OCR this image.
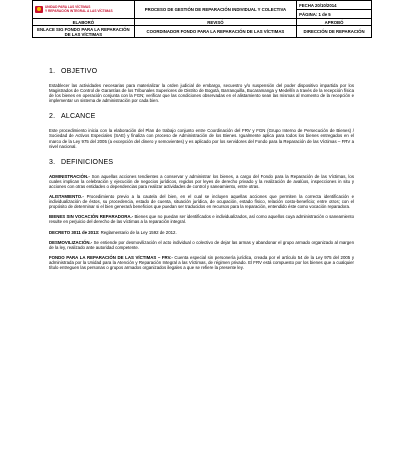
UNIDAD PARA LAS VÍCTIMAS
Y REPARACIÓN INTEGRAL A LAS VÍCTIMAS	PROCESO DE GESTIÓN DE REPARACIÓN INDIVIDUAL Y COLECTIVA	FECHA 20/10/2014
		PÁGINA: 1 de 5
ELABORÓ	REVISÓ	APROBÓ
ENLACE SIG FONDO PARA LA REPARACIÓN DE LAS VÍCTIMAS	COORDINADOR FONDO PARA LA REPARACIÓN DE LAS VÍCTIMAS	DIRECCIÓN DE REPARACIÓN
1. OBJETIVO

Establecer las actividades necesarias para materializar la orden judicial de embargo, secuestro y/o suspensión del poder dispositivo impartida por los Magistrados de Control de Garantías de los Tribunales Superiores de Distrito de Bogotá, Barranquilla, Bucaramanga y Medellín a través de la recepción física de los bienes en operación conjunta con la FGN; verificar que las condiciones observadas en el alistamiento sean las mismas al momento de la recepción e implementar un sistema de administración por cada bien.

2. ALCANCE

Este procedimiento inicia con la elaboración del Plan de trabajo conjunto entre Coordinación del FRV y FGN (Grupo Interno de Persecución de Bienes) / Sociedad de Activos Especiales (SAE) y finaliza con proceso de Administración de los Bienes. Igualmente aplica para todos los bienes entregados en el marco de la Ley 975 del 2005 (a excepción del dinero y semovientes) y es aplicado por los servidores del Fondo para la Reparación de las Víctimas – FRV a nivel nacional.

3. DEFINICIONES

ADMINISTRACIÓN.- Son aquellas acciones tendientes a conservar y administrar los bienes, a cargo del Fondo para la Reparación de las Víctimas, los cuales implican la celebración y ejecución de negocios jurídicos, regidos por leyes de derecho privado y la realización de avalúos, inspecciones in situ y acciones con otras entidades o dependencias para realizar actividades de control y saneamiento, entre otras.

ALISTAMIENTO.- Procedimiento previo a la cautela del bien, en el cual se incluyen aquellas acciones que permiten la correcta identificación e individualización de éstos, su procedencia, estado de cuenta, situación jurídica, de ocupación, estado físico, relación costo-beneficio; entre otros; con el propósito de determinar si el bien generará beneficios que puedan ser traducidos en recursos para la reparación, entendido éste como vocación reparadora.

BIENES SIN VOCACIÓN REPARADORA.- Bienes que no puedan ser identificados e individualizados, así como aquellos cuya administración o saneamiento resulte en perjuicio del derecho de las víctimas a la reparación integral.

DECRETO 3011 de 2013: Reglamentario de la Ley 1592 de 2012.

DESMOVILIZACIÓN.- Se entiende por desmovilización el acto individual o colectivo de dejar las armas y abandonar el grupo armado organizado al margen de la ley, realizado ante autoridad competente.

FONDO PARA LA REPARACIÓN DE LAS VÍCTIMAS – FRV.- Cuenta especial sin personería jurídica, creada por el artículo 54 de la Ley 975 del 2005 y administrada por la Unidad para la Atención y Reparación Integral a las Víctimas, de régimen privado. El FRV está compuesto por los bienes que a cualquier título entreguen las personas o grupos armados organizados ilegales a que se refiere la presente ley.
